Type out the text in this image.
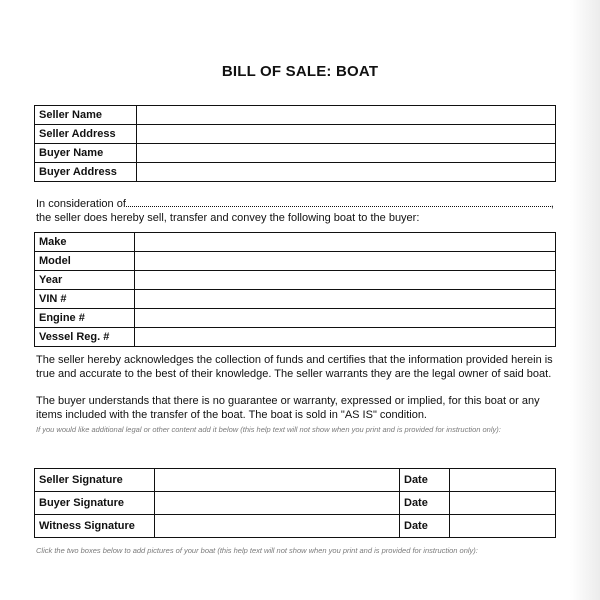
BILL OF SALE: BOAT
Seller Name	
Seller Address	
Buyer Name	
Buyer Address	
In consideration of	,
the seller does hereby sell, transfer and convey the following boat to the buyer:
Make	
Model	
Year	
VIN #	
Engine #	
Vessel Reg. #	
The seller hereby acknowledges the collection of funds and certifies that the information provided herein is true and accurate to the best of their knowledge. The seller warrants they are the legal owner of said boat.
The buyer understands that there is no guarantee or warranty, expressed or implied, for this boat or any items included with the transfer of the boat. The boat is sold in "AS IS" condition.
If you would like additional legal or other content add it below (this help text will not show when you print and is provided for instruction only):
Seller Signature		Date	
Buyer Signature		Date	
Witness Signature		Date	
Click the two boxes below to add pictures of your boat (this help text will not show when you print and is provided for instruction only):
